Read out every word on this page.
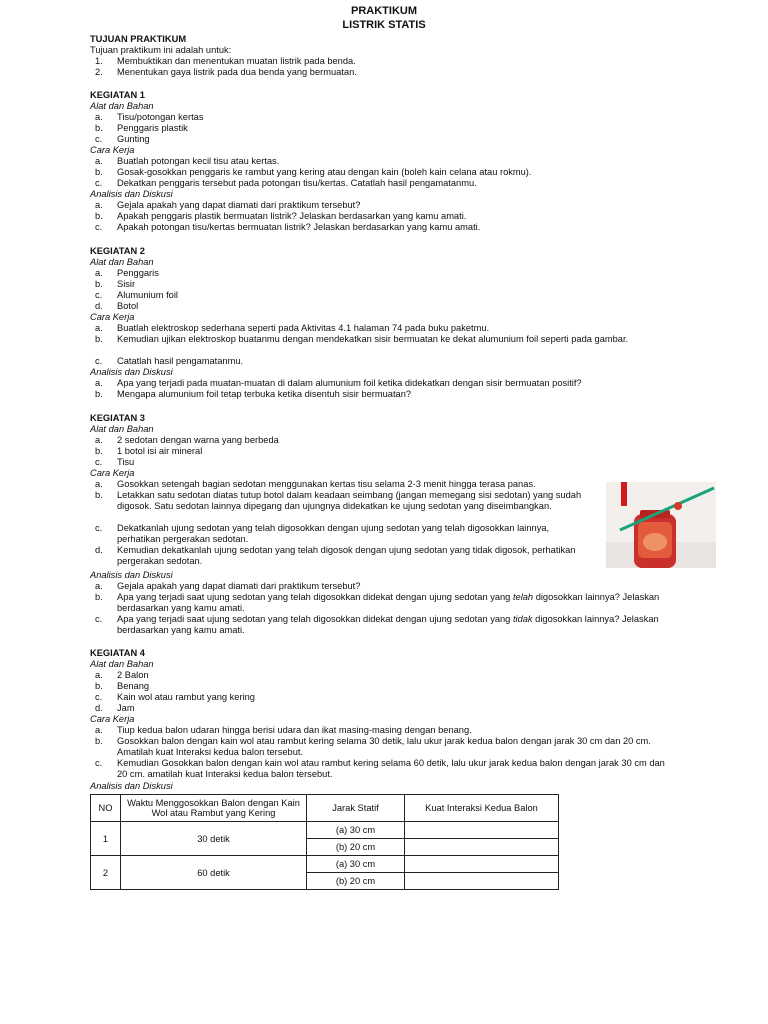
PRAKTIKUM
LISTRIK STATIS
TUJUAN PRAKTIKUM
Tujuan praktikum ini adalah untuk:
1. Membuktikan dan menentukan muatan listrik pada benda.
2. Menentukan gaya listrik pada dua benda yang bermuatan.
KEGIATAN 1
Alat dan Bahan
a. Tisu/potongan kertas
b. Penggaris plastik
c. Gunting
Cara Kerja
a. Buatlah potongan kecil tisu atau kertas.
b. Gosak-gosokkan penggaris ke rambut yang kering atau dengan kain (boleh kain celana atau rokmu).
c. Dekatkan penggaris tersebut pada potongan tisu/kertas. Catatlah hasil pengamatanmu.
Analisis dan Diskusi
a. Gejala apakah yang dapat diamati dari praktikum tersebut?
b. Apakah penggaris plastik bermuatan listrik? Jelaskan berdasarkan yang kamu amati.
c. Apakah potongan tisu/kertas bermuatan listrik? Jelaskan berdasarkan yang kamu amati.
KEGIATAN 2
Alat dan Bahan
a. Penggaris
b. Sisir
c. Alumunium foil
d. Botol
Cara Kerja
a. Buatlah elektroskop sederhana seperti pada Aktivitas 4.1 halaman 74 pada buku paketmu.
b. Kemudian ujikan elektroskop buatanmu dengan mendekatkan sisir bermuatan ke dekat alumunium foil seperti pada gambar.
c. Catatlah hasil pengamatanmu.
Analisis dan Diskusi
a. Apa yang terjadi pada muatan-muatan di dalam alumunium foil ketika didekatkan dengan sisir bermuatan positif?
b. Mengapa alumunium foil tetap terbuka ketika disentuh sisir bermuatan?
KEGIATAN 3
Alat dan Bahan
a. 2 sedotan dengan warna yang berbeda
b. 1 botol isi air mineral
c. Tisu
Cara Kerja
a. Gosokkan setengah bagian sedotan menggunakan kertas tisu selama 2-3 menit hingga terasa panas.
b. Letakkan satu sedotan diatas tutup botol dalam keadaan seimbang (jangan memegang sisi sedotan) yang sudah digosok. Satu sedotan lainnya dipegang dan ujungnya didekatkan ke ujung sedotan yang diseimbangkan.
c. Dekatkanlah ujung sedotan yang telah digosokkan dengan ujung sedotan yang telah digosokkan lainnya, perhatikan pergerakan sedotan.
d. Kemudian dekatkanlah ujung sedotan yang telah digosok dengan ujung sedotan yang tidak digosok, perhatikan pergerakan sedotan.
Analisis dan Diskusi
a. Gejala apakah yang dapat diamati dari praktikum tersebut?
b. Apa yang terjadi saat ujung sedotan yang telah digosokkan didekat dengan ujung sedotan yang telah digosokkan lainnya? Jelaskan berdasarkan yang kamu amati.
c. Apa yang terjadi saat ujung sedotan yang telah digosokkan didekat dengan ujung sedotan yang tidak digosokkan lainnya? Jelaskan berdasarkan yang kamu amati.
KEGIATAN 4
Alat dan Bahan
a. 2 Balon
b. Benang
c. Kain wol atau rambut yang kering
d. Jam
Cara Kerja
a. Tiup kedua balon udaran hingga berisi udara dan ikat masing-masing dengan benang.
b. Gosokkan balon dengan kain wol atau rambut kering selama 30 detik, lalu ukur jarak kedua balon dengan jarak 30 cm dan 20 cm. Amatilah kuat Interaksi kedua balon tersebut.
c. Kemudian Gosokkan balon dengan kain wol atau rambut kering selama 60 detik, lalu ukur jarak kedua balon dengan jarak 30 cm dan 20 cm. amatilah kuat Interaksi kedua balon tersebut.
Analisis dan Diskusi
NO	Waktu Menggosokkan Balon dengan Kain Wol atau Rambut yang Kering	Jarak Statif	Kuat Interaksi Kedua Balon
1	30 detik	(a) 30 cm	
		(b) 20 cm	
2	60 detik	(a) 30 cm	
		(b) 20 cm	
